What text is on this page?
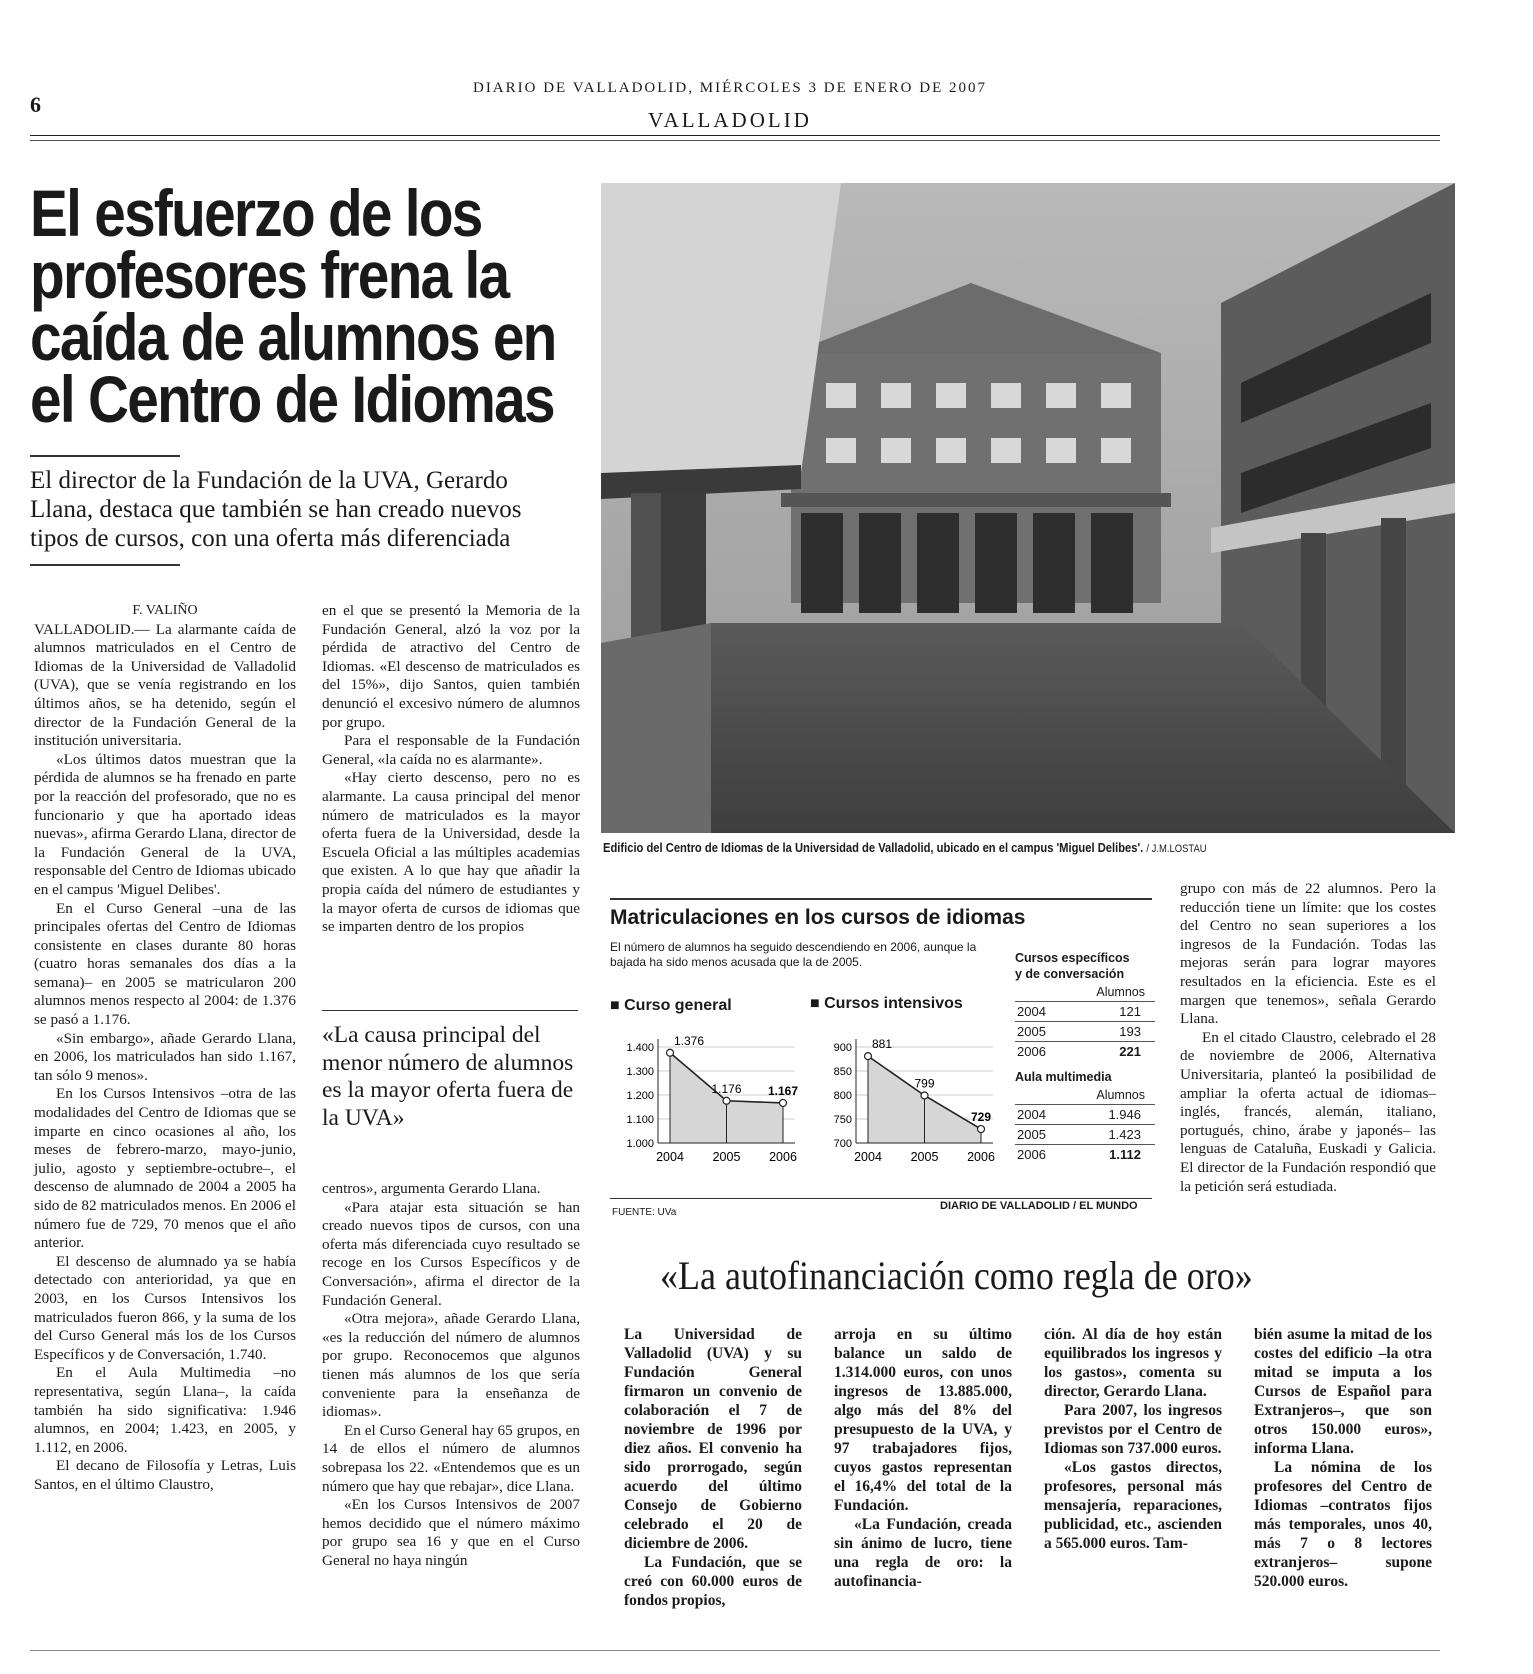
6
DIARIO DE VALLADOLID, MIÉRCOLES 3 DE ENERO DE 2007
VALLADOLID
El esfuerzo de los
profesores frena la
caída de alumnos en
el Centro de Idiomas
El director de la Fundación de la UVA, Gerardo
Llana, destaca que también se han creado nuevos
tipos de cursos, con una oferta más diferenciada

F. VALIÑO

VALLADOLID.— La alarmante caída de alumnos matriculados en el Centro de Idiomas de la Universidad de Valladolid (UVA), que se venía registrando en los últimos años, se ha detenido, según el director de la Fundación General de la institución universitaria.

«Los últimos datos muestran que la pérdida de alumnos se ha frenado en parte por la reacción del profesorado, que no es funcionario y que ha aportado ideas nuevas», afirma Gerardo Llana, director de la Fundación General de la UVA, responsable del Centro de Idiomas ubicado en el campus 'Miguel Delibes'.

En el Curso General –una de las principales ofertas del Centro de Idiomas consistente en clases durante 80 horas (cuatro horas semanales dos días a la semana)– en 2005 se matricularon 200 alumnos menos respecto al 2004: de 1.376 se pasó a 1.176.

«Sin embargo», añade Gerardo Llana, en 2006, los matriculados han sido 1.167, tan sólo 9 menos».

En los Cursos Intensivos –otra de las modalidades del Centro de Idiomas que se imparte en cinco ocasiones al año, los meses de febrero-marzo, mayo-junio, julio, agosto y septiembre-octubre–, el descenso de alumnado de 2004 a 2005 ha sido de 82 matriculados menos. En 2006 el número fue de 729, 70 menos que el año anterior.

El descenso de alumnado ya se había detectado con anterioridad, ya que en 2003, en los Cursos Intensivos los matriculados fueron 866, y la suma de los del Curso General más los de los Cursos Específicos y de Conversación, 1.740.

En el Aula Multimedia –no representativa, según Llana–, la caída también ha sido significativa: 1.946 alumnos, en 2004; 1.423, en 2005, y 1.112, en 2006.

El decano de Filosofía y Letras, Luis Santos, en el último Claustro,

en el que se presentó la Memoria de la Fundación General, alzó la voz por la pérdida de atractivo del Centro de Idiomas. «El descenso de matriculados es del 15%», dijo Santos, quien también denunció el excesivo número de alumnos por grupo.

Para el responsable de la Fundación General, «la caída no es alarmante».

«Hay cierto descenso, pero no es alarmante. La causa principal del menor número de matriculados es la mayor oferta fuera de la Universidad, desde la Escuela Oficial a las múltiples academias que existen. A lo que hay que añadir la propia caída del número de estudiantes y la mayor oferta de cursos de idiomas que se imparten dentro de los propios

«La causa principal del menor número de alumnos es la mayor oferta fuera de la UVA»

centros», argumenta Gerardo Llana.

«Para atajar esta situación se han creado nuevos tipos de cursos, con una oferta más diferenciada cuyo resultado se recoge en los Cursos Específicos y de Conversación», afirma el director de la Fundación General.

«Otra mejora», añade Gerardo Llana, «es la reducción del número de alumnos por grupo. Reconocemos que algunos tienen más alumnos de los que sería conveniente para la enseñanza de idiomas».

En el Curso General hay 65 grupos, en 14 de ellos el número de alumnos sobrepasa los 22. «Entendemos que es un número que hay que rebajar», dice Llana.

«En los Cursos Intensivos de 2007 hemos decidido que el número máximo por grupo sea 16 y que en el Curso General no haya ningún

Edificio del Centro de Idiomas de la Universidad de Valladolid, ubicado en el campus 'Miguel Delibes'. / J.M.LOSTAU
Matriculaciones en los cursos de idiomas
El número de alumnos ha seguido descendiendo en 2006, aunque la bajada ha sido menos acusada que la de 2005.
■ Curso general	■ Cursos intensivos
1.000
1.100
1.200
1.300
1.400
1.376
2004
1.176
2005
1.167
2006
700
750
800
850
900 881
2004
799
2005
729
2006
Cursos específicos
y de conversación
Alumnos	
2004	121
2005	193
2006	221
Aula multimedia
Alumnos	
2004	1.946
2005	1.423
2006	1.112
FUENTE: UVa
DIARIO DE VALLADOLID / EL MUNDO

grupo con más de 22 alumnos. Pero la reducción tiene un límite: que los costes del Centro no sean superiores a los ingresos de la Fundación. Todas las mejoras serán para lograr mayores resultados en la eficiencia. Este es el margen que tenemos», señala Gerardo Llana.

En el citado Claustro, celebrado el 28 de noviembre de 2006, Alternativa Universitaria, planteó la posibilidad de ampliar la oferta actual de idiomas– inglés, francés, alemán, italiano, portugués, chino, árabe y japonés– las lenguas de Cataluña, Euskadi y Galicia. El director de la Fundación respondió que la petición será estudiada.

«La autofinanciación como regla de oro»

La Universidad de Valladolid (UVA) y su Fundación General firmaron un convenio de colaboración el 7 de noviembre de 1996 por diez años. El convenio ha sido prorrogado, según acuerdo del último Consejo de Gobierno celebrado el 20 de diciembre de 2006.

La Fundación, que se creó con 60.000 euros de fondos propios,

arroja en su último balance un saldo de 1.314.000 euros, con unos ingresos de 13.885.000, algo más del 8% del presupuesto de la UVA, y 97 trabajadores fijos, cuyos gastos representan el 16,4% del total de la Fundación.

«La Fundación, creada sin ánimo de lucro, tiene una regla de oro: la autofinancia-

ción. Al día de hoy están equilibrados los ingresos y los gastos», comenta su director, Gerardo Llana.

Para 2007, los ingresos previstos por el Centro de Idiomas son 737.000 euros.

«Los gastos directos, profesores, personal más mensajería, reparaciones, publicidad, etc., ascienden a 565.000 euros. Tam-

bién asume la mitad de los costes del edificio –la otra mitad se imputa a los Cursos de Español para Extranjeros–, que son otros 150.000 euros», informa Llana.

La nómina de los profesores del Centro de Idiomas –contratos fijos más temporales, unos 40, más 7 o 8 lectores extranjeros– supone 520.000 euros.
